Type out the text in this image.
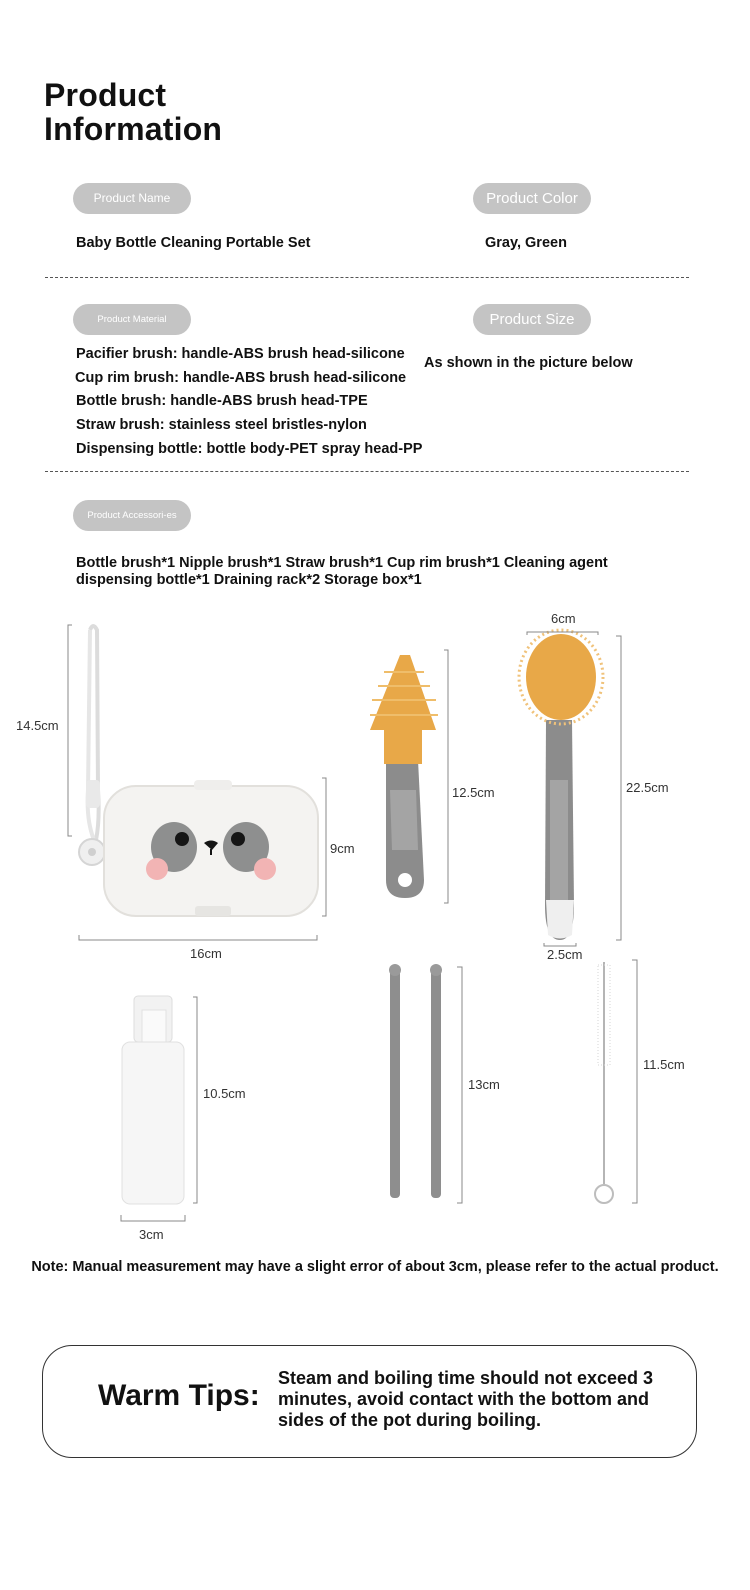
Product
Information
Product Name
Baby Bottle Cleaning Portable Set
Product Color
Gray, Green
Product Material
Pacifier brush: handle-ABS brush head-silicone
Cup rim brush: handle-ABS brush head-silicone
Bottle brush: handle-ABS brush head-TPE
Straw brush: stainless steel bristles-nylon
Dispensing bottle: bottle body-PET spray head-PP
Product Size
As shown in the picture below
Product Accessori-es
Bottle brush*1 Nipple brush*1 Straw brush*1 Cup rim brush*1 Cleaning agent dispensing bottle*1 Draining rack*2 Storage box*1
14.5cm
9cm
16cm
12.5cm
6cm
22.5cm
2.5cm
10.5cm
3cm
13cm
11.5cm
Note: Manual measurement may have a slight error of about 3cm, please refer to the actual product.
Warm Tips:
Steam and boiling time should not exceed 3 minutes, avoid contact with the bottom and sides of the pot during boiling.
